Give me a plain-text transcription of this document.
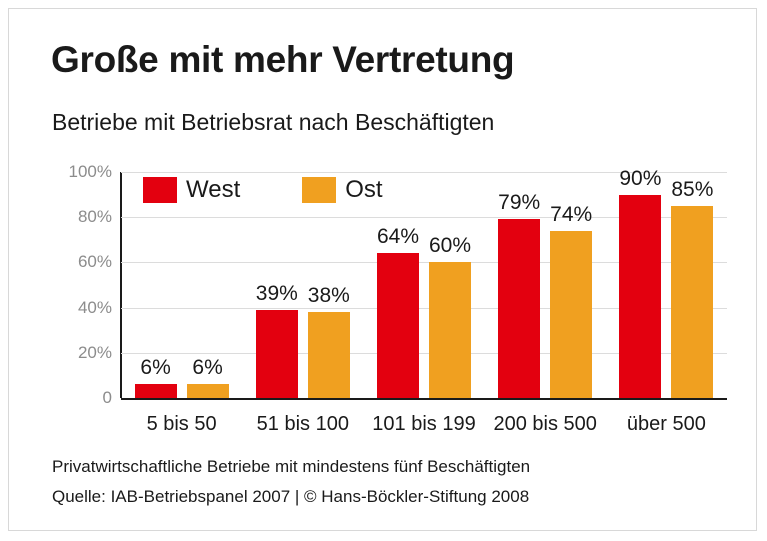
Große mit mehr Vertretung
Betriebe mit Betriebsrat nach Beschäftigten
0
20%
40%
60%
80%
100%
6%	6%
5 bis 50
39% 38%
51 bis 100
64% 60%
101 bis 199
79% 74%
200 bis 500
90% 85%
über 500
West	Ost
Privatwirtschaftliche Betriebe mit mindestens fünf Beschäftigten
Quelle: IAB-Betriebspanel 2007 | © Hans-Böckler-Stiftung 2008
